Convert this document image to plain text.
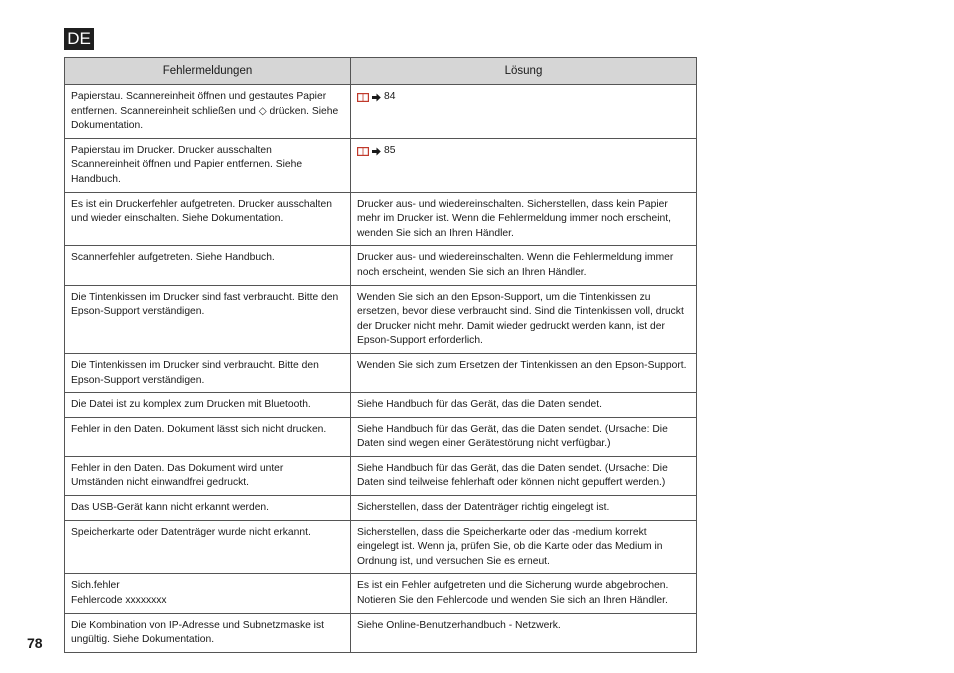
DE
Fehlermeldungen	Lösung
Papierstau. Scannereinheit öffnen und gestautes Papier
entfernen. Scannereinheit schließen und ◇ drücken. Siehe
Dokumentation.	84

Papierstau im Drucker. Drucker ausschalten
Scannereinheit öffnen und Papier entfernen. Siehe
Handbuch.	85

Es ist ein Druckerfehler aufgetreten. Drucker ausschalten
und wieder einschalten. Siehe Dokumentation.	Drucker aus- und wiedereinschalten. Sicherstellen, dass kein Papier
mehr im Drucker ist. Wenn die Fehlermeldung immer noch erscheint,
wenden Sie sich an Ihren Händler.
Scannerfehler aufgetreten. Siehe Handbuch.	Drucker aus- und wiedereinschalten. Wenn die Fehlermeldung immer
noch erscheint, wenden Sie sich an Ihren Händler.
Die Tintenkissen im Drucker sind fast verbraucht. Bitte den
Epson-Support verständigen.	Wenden Sie sich an den Epson-Support, um die Tintenkissen zu
ersetzen, bevor diese verbraucht sind. Sind die Tintenkissen voll, druckt
der Drucker nicht mehr. Damit wieder gedruckt werden kann, ist der
Epson-Support erforderlich.
Die Tintenkissen im Drucker sind verbraucht. Bitte den
Epson-Support verständigen.	Wenden Sie sich zum Ersetzen der Tintenkissen an den Epson-Support.
Die Datei ist zu komplex zum Drucken mit Bluetooth.	Siehe Handbuch für das Gerät, das die Daten sendet.
Fehler in den Daten. Dokument lässt sich nicht drucken.	Siehe Handbuch für das Gerät, das die Daten sendet. (Ursache: Die
Daten sind wegen einer Gerätestörung nicht verfügbar.)
Fehler in den Daten. Das Dokument wird unter
Umständen nicht einwandfrei gedruckt.	Siehe Handbuch für das Gerät, das die Daten sendet. (Ursache: Die
Daten sind teilweise fehlerhaft oder können nicht gepuffert werden.)
Das USB-Gerät kann nicht erkannt werden.	Sicherstellen, dass der Datenträger richtig eingelegt ist.
Speicherkarte oder Datenträger wurde nicht erkannt.	Sicherstellen, dass die Speicherkarte oder das -medium korrekt
eingelegt ist. Wenn ja, prüfen Sie, ob die Karte oder das Medium in
Ordnung ist, und versuchen Sie es erneut.
Sich.fehler
Fehlercode xxxxxxxx	Es ist ein Fehler aufgetreten und die Sicherung wurde abgebrochen.
Notieren Sie den Fehlercode und wenden Sie sich an Ihren Händler.
Die Kombination von IP-Adresse und Subnetzmaske ist
ungültig. Siehe Dokumentation.	Siehe Online-Benutzerhandbuch - Netzwerk.
78
